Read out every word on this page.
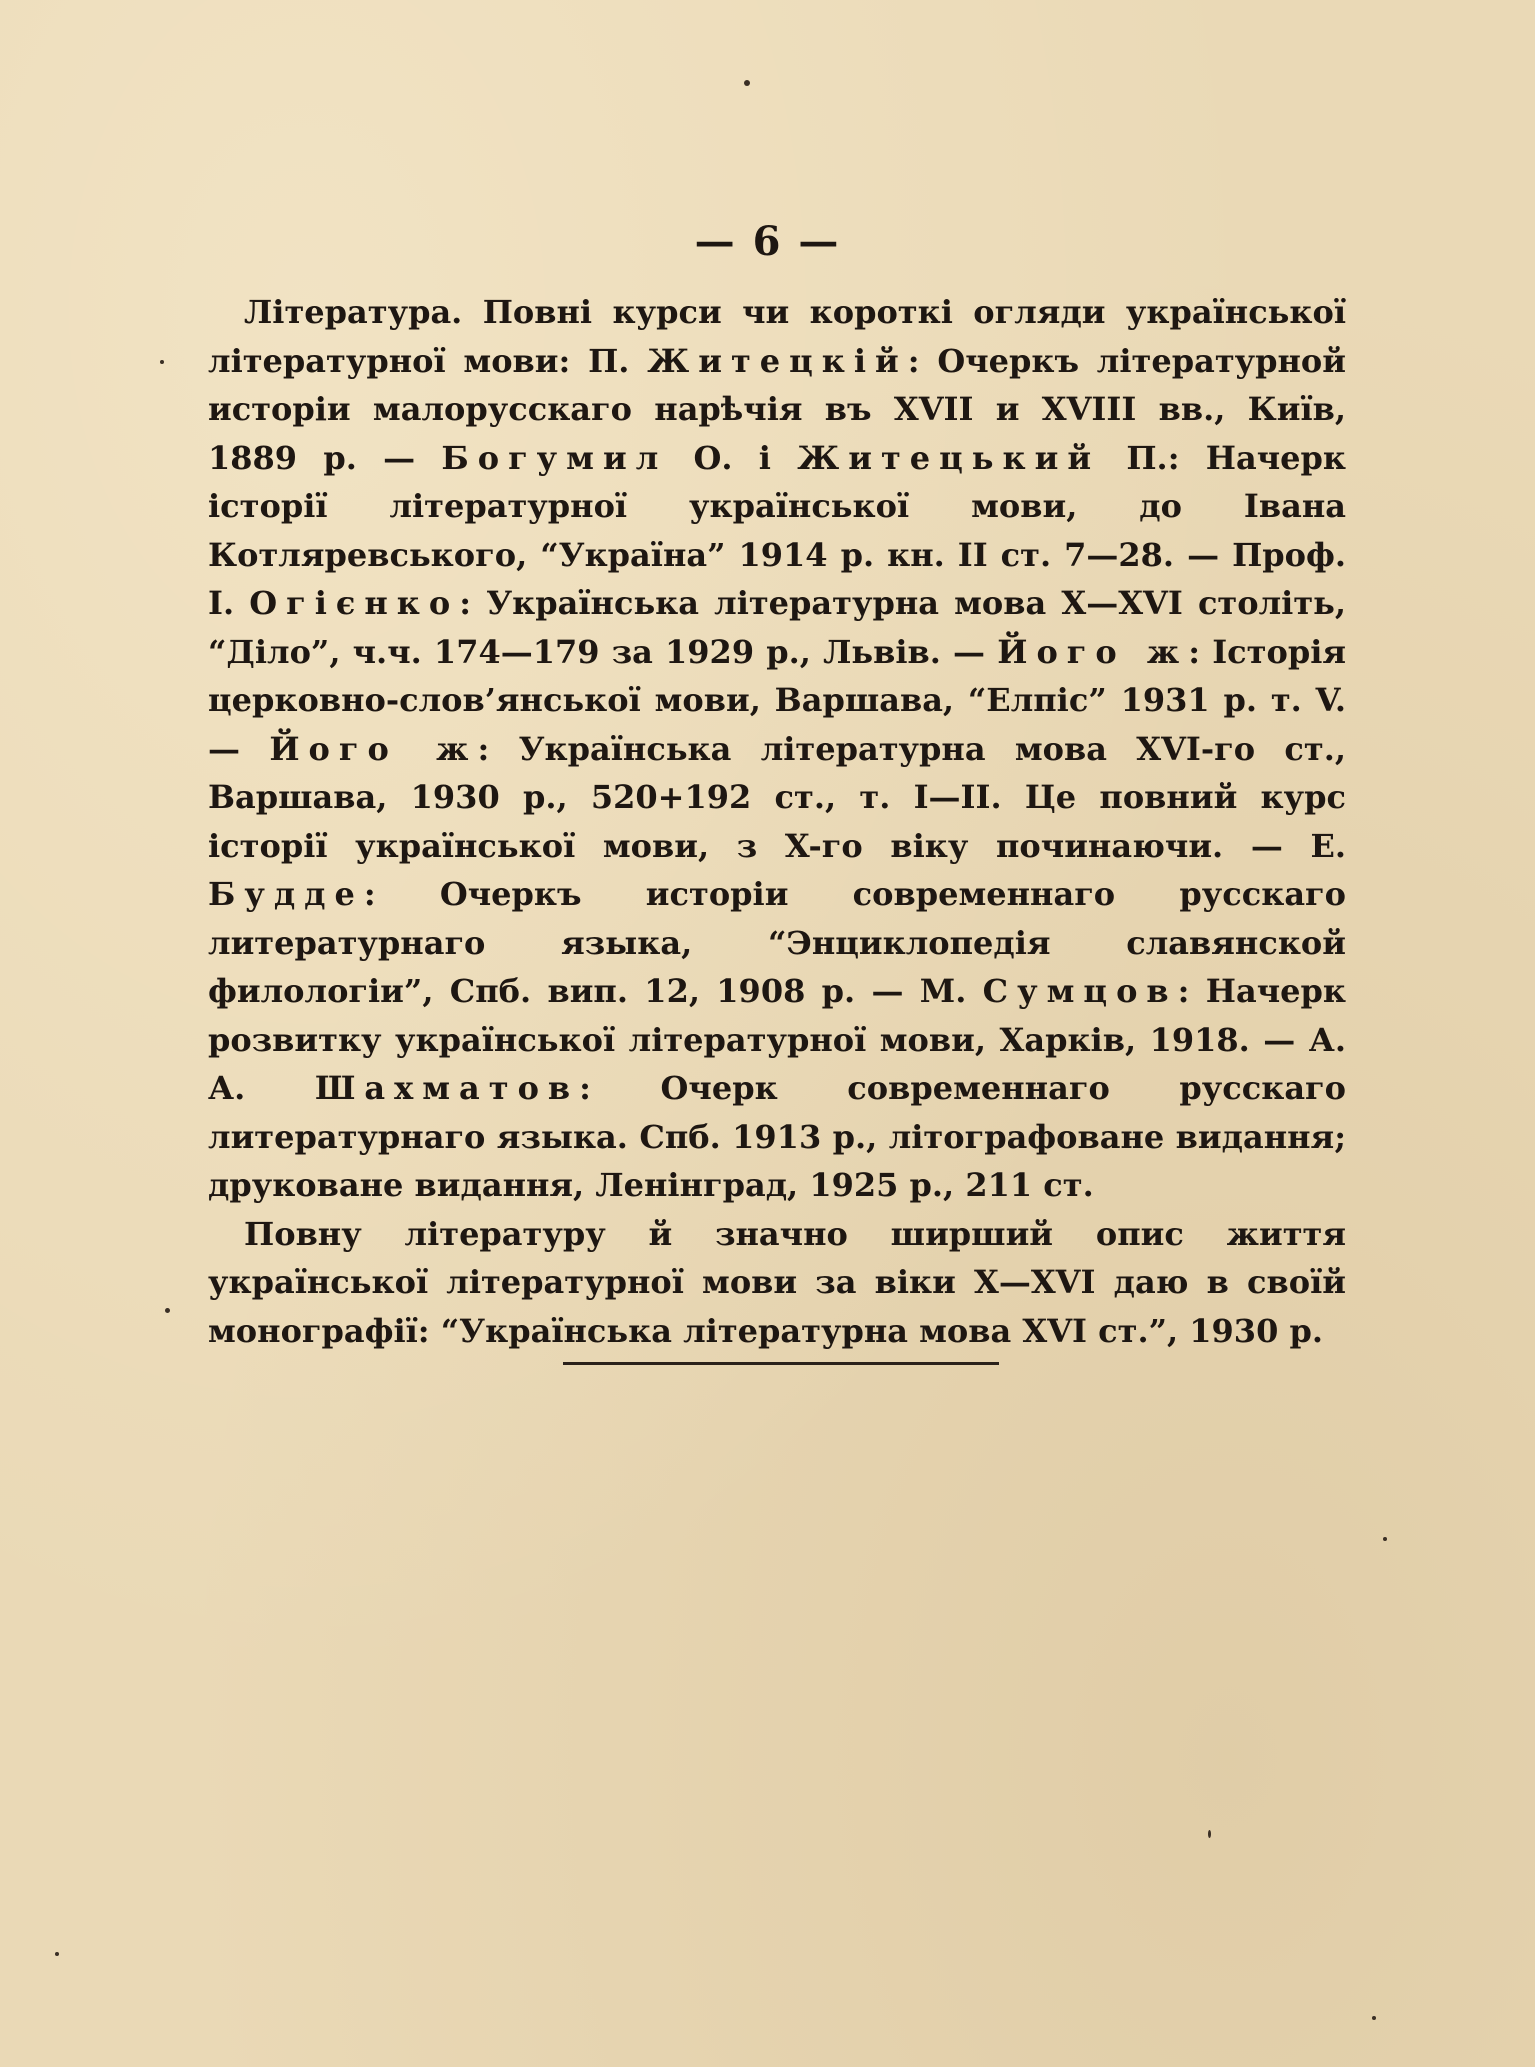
— 6 —

Література. Повні курси чи короткі огляди української літературної мови: П. Житецкій: Очеркъ літературной истоpiи малорусскаго нарѣчія въ XVII и XVIII вв., Київ, 1889 р. — Богумил О. і Житецький П.: Начерк історії літературної української мови, до Івана Котляревського, “Україна” 1914 р. кн. II ст. 7—28. — Проф. І. Огієнко: Українська літературна мова X—XVI століть, “Діло”, ч.ч. 174—179 за 1929 р., Львів. — Його ж: Історія церковно-слов’янської мови, Варшава, “Елпіс” 1931 р. т. V. — Його ж: Українська літературна мова XVI-го ст., Варшава, 1930 р., 520+192 ст., т. I—II. Це повний курс історії української мови, з X-го віку починаючи. — Е. Будде: Очеркъ исторіи современнаго русскаго литературнаго языка, “Энциклопедія славянской филологіи”, Спб. вип. 12, 1908 р. — М. Сумцов: Начерк розвитку української літературної мови, Харків, 1918. — А. А. Шахматов: Очерк современнаго русскаго литературнаго языка. Спб. 1913 р., літографоване видання; друковане видання, Ленінград, 1925 р., 211 ст.

Повну літературу й значно ширший опис життя української літературної мови за віки X—XVI даю в своїй монографії: “Українська літературна мова XVI ст.”, 1930 р.
